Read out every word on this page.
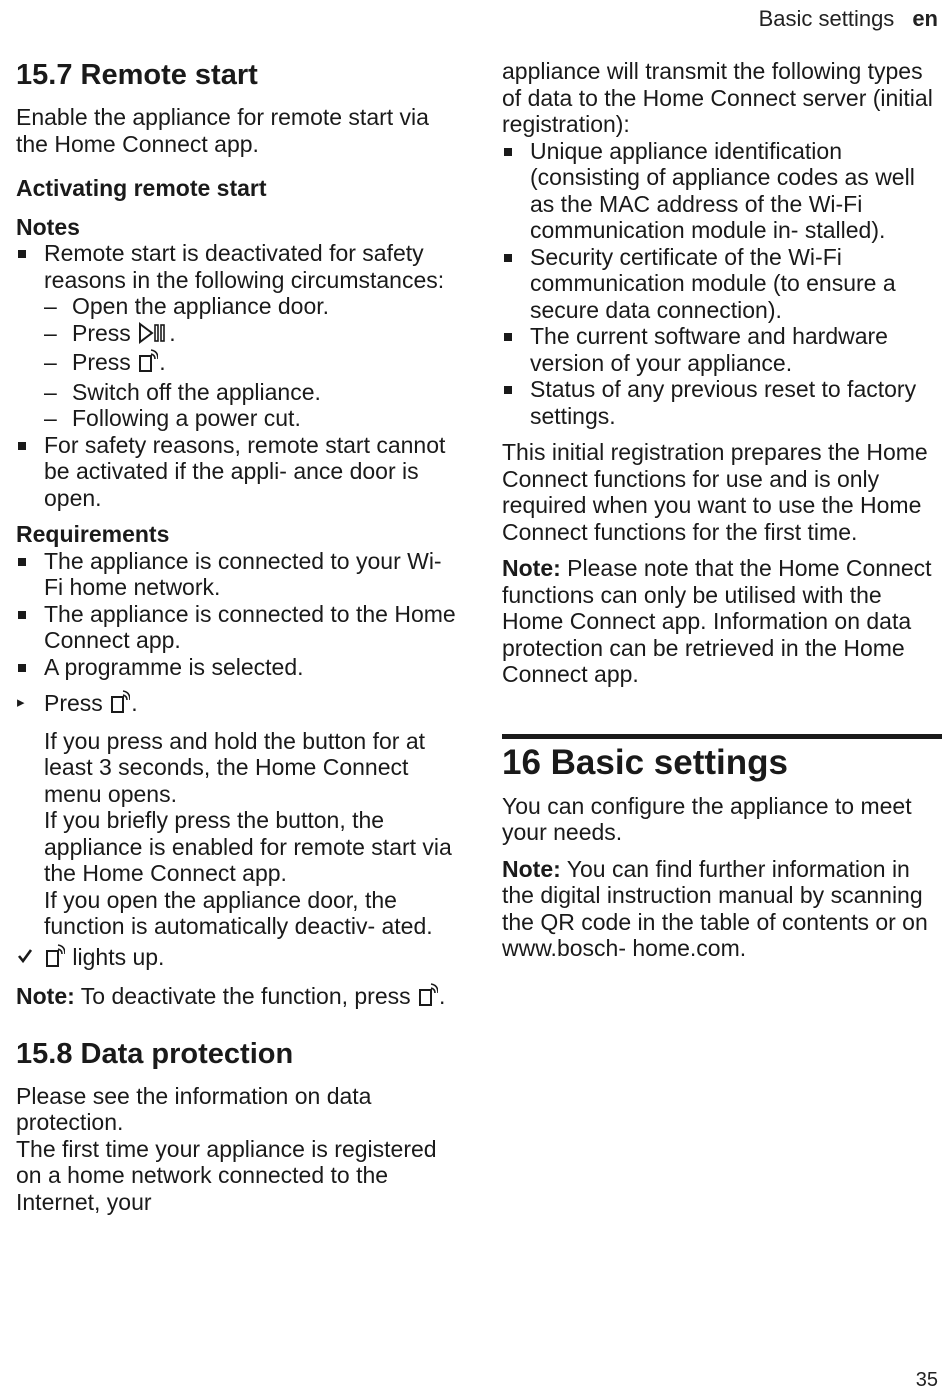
Basic settings en
15.7 Remote start

Enable the appliance for remote start via the Home Connect app.

Activating remote start
Notes
Remote start is deactivated for safety reasons in the following circumstances:
– Open the appliance door.
– Press .
– Press .
– Switch off the appliance.
– Following a power cut.
For safety reasons, remote start cannot be activated if the appli- ance door is open.
Requirements
The appliance is connected to your Wi-Fi home network.
The appliance is connected to the Home Connect app.
A programme is selected.
▸ Press .

If you press and hold the button for at least 3 seconds, the Home Connect menu opens.

If you briefly press the button, the appliance is enabled for remote start via the Home Connect app.

If you open the appliance door, the function is automatically deactiv- ated.

lights up.

Note: To deactivate the function, press .

15.8 Data protection

Please see the information on data protection.

The first time your appliance is registered on a home network connected to the Internet, your

appliance will transmit the following types of data to the Home Connect server (initial registration):

Unique appliance identification (consisting of appliance codes as well as the MAC address of the Wi-Fi communication module in- stalled).
Security certificate of the Wi-Fi communication module (to ensure a secure data connection).
The current software and hardware version of your appliance.
Status of any previous reset to factory settings.

This initial registration prepares the Home Connect functions for use and is only required when you want to use the Home Connect functions for the first time.

Note: Please note that the Home Connect functions can only be utilised with the Home Connect app. Information on data protection can be retrieved in the Home Connect app.

16 Basic settings

You can configure the appliance to meet your needs.

Note: You can find further information in the digital instruction manual by scanning the QR code in the table of contents or on www.bosch- home.com.

35
